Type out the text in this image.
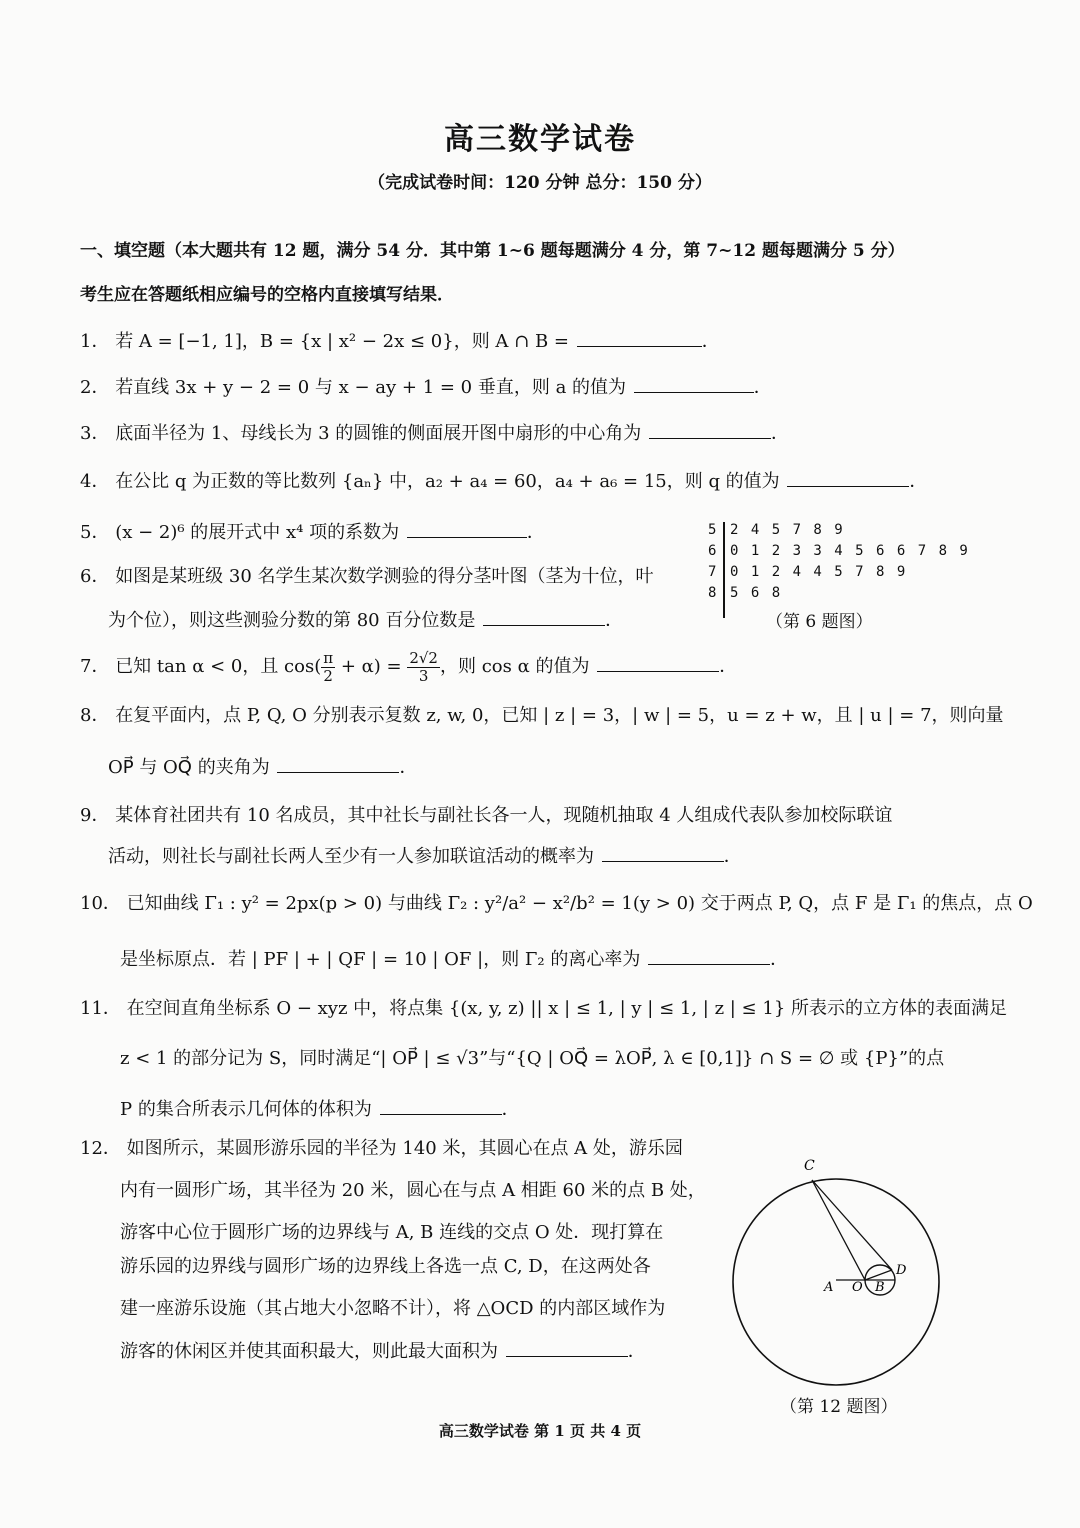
高三数学试卷
（完成试卷时间：120 分钟 总分：150 分）
一、填空题（本大题共有 12 题，满分 54 分．其中第 1~6 题每题满分 4 分，第 7~12 题每题满分 5 分）
考生应在答题纸相应编号的空格内直接填写结果．
1． 若 A = [−1, 1]，B = {x | x² − 2x ≤ 0}，则 A ∩ B =	．
2． 若直线 3x + y − 2 = 0 与 x − ay + 1 = 0 垂直，则 a 的值为	．
3． 底面半径为 1、母线长为 3 的圆锥的侧面展开图中扇形的中心角为	．
4． 在公比 q 为正数的等比数列 {aₙ} 中，a₂ + a₄ = 60，a₄ + a₆ = 15，则 q 的值为	．
5． (x − 2)⁶ 的展开式中 x⁴ 项的系数为	．
6． 如图是某班级 30 名学生某次数学测验的得分茎叶图（茎为十位，叶
为个位），则这些测验分数的第 80 百分位数是	．
5 2 4 5 7 8 9
6 0 1 2 3 3 4 5 6 6 7 8 9
7 0 1 2 4 4 5 7 8 9
8 5 6 8
（第 6 题图）
7． 已知 tan α < 0，且 $\cos( \frac{\pi}{2} + \alpha) = \frac{2√2}{3}$ ，则 cos α 的值为	．
8． 在复平面内，点 P, Q, O 分别表示复数 z, w, 0，已知 | z | = 3，| w | = 5，u = z + w，且 | u | = 7，则向量
OP⃗ 与 OQ⃗ 的夹角为	．
9． 某体育社团共有 10 名成员，其中社长与副社长各一人，现随机抽取 4 人组成代表队参加校际联谊
活动，则社长与副社长两人至少有一人参加联谊活动的概率为	．
10． 已知曲线 Γ₁ : y² = 2px(p > 0) 与曲线 Γ₂ : y²/a² − x²/b² = 1(y > 0) 交于两点 P, Q，点 F 是 Γ₁ 的焦点，点 O
是坐标原点．若 | PF | + | QF | = 10 | OF |，则 Γ₂ 的离心率为	．
11． 在空间直角坐标系 O − xyz 中，将点集 {(x, y, z) || x | ≤ 1, | y | ≤ 1, | z | ≤ 1} 所表示的立方体的表面满足
z < 1 的部分记为 S，同时满足“| OP⃗ | ≤ √3”与“{Q | OQ⃗ = λOP⃗, λ ∈ [0,1]} ∩ S = ∅ 或 {P}”的点
P 的集合所表示几何体的体积为	．
12． 如图所示，某圆形游乐园的半径为 140 米，其圆心在点 A 处，游乐园
内有一圆形广场，其半径为 20 米，圆心在与点 A 相距 60 米的点 B 处，
游客中心位于圆形广场的边界线与 A, B 连线的交点 O 处．现打算在
游乐园的边界线与圆形广场的边界线上各选一点 C, D，在这两处各
建一座游乐设施（其占地大小忽略不计），将 △OCD 的内部区域作为
游客的休闲区并使其面积最大，则此最大面积为	．
C
D
A O B
（第 12 题图）
高三数学试卷 第 1 页 共 4 页
